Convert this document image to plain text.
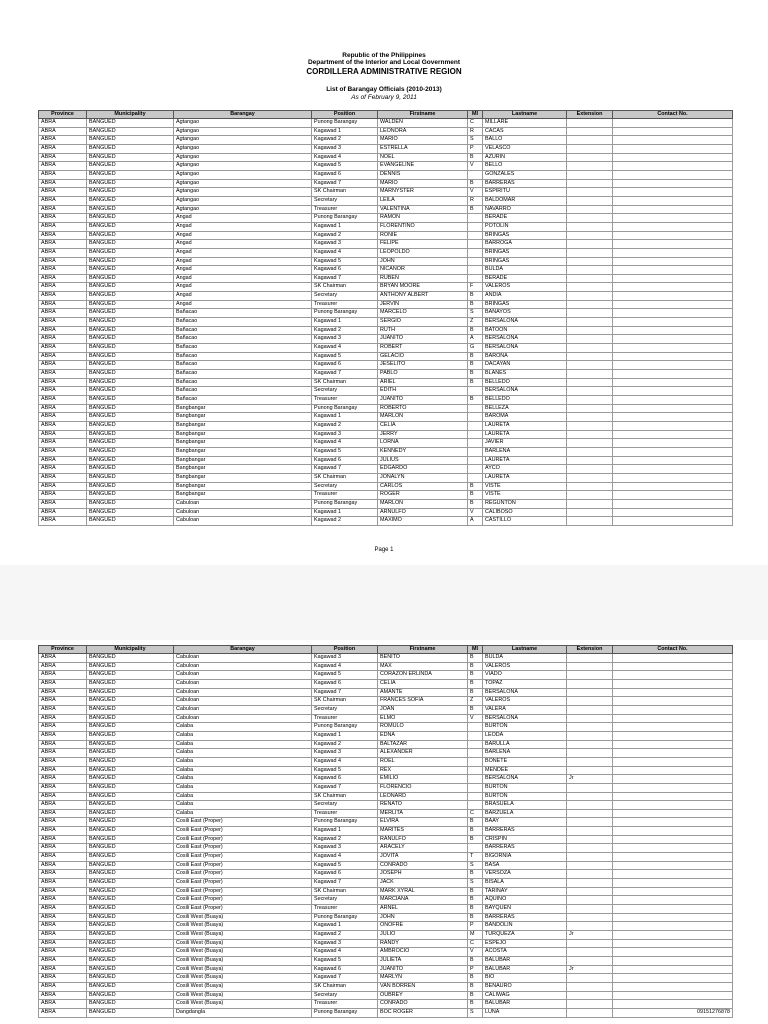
Republic of the Philippines
Department of the Interior and Local Government
CORDILLERA ADMINISTRATIVE REGION
List of Barangay Officials (2010-2013)
As of February 9, 2011
Page 1
Province	Municipality	Barangay	Position	Firstname	MI	Lastname	Extension	Contact No.
ABRA	BANGUED	Agtangao	Punong Barangay	WALDEN	C	MILLARE		
ABRA	BANGUED	Agtangao	Kagawad 1	LEONORA	R	CACAS		
ABRA	BANGUED	Agtangao	Kagawad 2	MARIO	S	BALLO		
ABRA	BANGUED	Agtangao	Kagawad 3	ESTRELLA	P	VELASCO		
ABRA	BANGUED	Agtangao	Kagawad 4	NOEL	B	AZURIN		
ABRA	BANGUED	Agtangao	Kagawad 5	EVANGELINE	V	BELLO		
ABRA	BANGUED	Agtangao	Kagawad 6	DENNIS		GONZALES		
ABRA	BANGUED	Agtangao	Kagawad 7	MARIO	B	BARRERAS		
ABRA	BANGUED	Agtangao	SK Chairman	MARNYSTER	V	ESPIRITU		
ABRA	BANGUED	Agtangao	Secretary	LEILA	R	BALDOMAR		
ABRA	BANGUED	Agtangao	Treasurer	VALENTINA	B	NAVARRO		
ABRA	BANGUED	Angad	Punong Barangay	RAMON		BERADE		
ABRA	BANGUED	Angad	Kagawad 1	FLORENTINO		POTOLIN		
ABRA	BANGUED	Angad	Kagawad 2	RONIE		BRINGAS		
ABRA	BANGUED	Angad	Kagawad 3	FELIPE		BARROGA		
ABRA	BANGUED	Angad	Kagawad 4	LEOPOLDO		BRINGAS		
ABRA	BANGUED	Angad	Kagawad 5	JOHN		BRINGAS		
ABRA	BANGUED	Angad	Kagawad 6	NICANOR		BULDA		
ABRA	BANGUED	Angad	Kagawad 7	RUBEN		BERADE		
ABRA	BANGUED	Angad	SK Chairman	BRYAN MOORE	F	VALEROS		
ABRA	BANGUED	Angad	Secretary	ANTHONY ALBERT	B	ANDIA		
ABRA	BANGUED	Angad	Treasurer	JERVIN	B	BRINGAS		
ABRA	BANGUED	Bañacao	Punong Barangay	MARCELO	S	BANAYOS		
ABRA	BANGUED	Bañacao	Kagawad 1	SERGIO	Z	BERSALONA		
ABRA	BANGUED	Bañacao	Kagawad 2	RUTH	B	BATOON		
ABRA	BANGUED	Bañacao	Kagawad 3	JUANITO	A	BERSALONA		
ABRA	BANGUED	Bañacao	Kagawad 4	ROBERT	G	BERSALONA		
ABRA	BANGUED	Bañacao	Kagawad 5	GELACIO	B	BARONA		
ABRA	BANGUED	Bañacao	Kagawad 6	JESELITO	B	DACAYAN		
ABRA	BANGUED	Bañacao	Kagawad 7	PABLO	B	BLANES		
ABRA	BANGUED	Bañacao	SK Chairman	ARIEL	B	BELLEDO		
ABRA	BANGUED	Bañacao	Secretary	EDITH		BERSALONA		
ABRA	BANGUED	Bañacao	Treasurer	JUANITO	B	BELLEDO		
ABRA	BANGUED	Bangbangar	Punong Barangay	ROBERTO		BELLEZA		
ABRA	BANGUED	Bangbangar	Kagawad 1	MARLON		BAROMA		
ABRA	BANGUED	Bangbangar	Kagawad 2	CELIA		LAURETA		
ABRA	BANGUED	Bangbangar	Kagawad 3	JERRY		LAURETA		
ABRA	BANGUED	Bangbangar	Kagawad 4	LORNA		JAVIER		
ABRA	BANGUED	Bangbangar	Kagawad 5	KENNEDY		BARLENA		
ABRA	BANGUED	Bangbangar	Kagawad 6	JULIUS		LAURETA		
ABRA	BANGUED	Bangbangar	Kagawad 7	EDGARDO		AYCO		
ABRA	BANGUED	Bangbangar	SK Chairman	JONALYN		LAURETA		
ABRA	BANGUED	Bangbangar	Secretary	CARLOS	B	VISTE		
ABRA	BANGUED	Bangbangar	Treasurer	ROGER	B	VISTE		
ABRA	BANGUED	Cabuloan	Punong Barangay	MARLON	B	REGUNTON		
ABRA	BANGUED	Cabuloan	Kagawad 1	ARNULFO	V	CALIBOSO		
ABRA	BANGUED	Cabuloan	Kagawad 2	MAXIMO	A	CASTILLO		
Province	Municipality	Barangay	Position	Firstname	MI	Lastname	Extension	Contact No.
ABRA	BANGUED	Cabuloan	Kagawad 3	BENITO	B	BULDA		
ABRA	BANGUED	Cabuloan	Kagawad 4	MAX	B	VALEROS		
ABRA	BANGUED	Cabuloan	Kagawad 5	CORAZON ERLINDA	B	VIADO		
ABRA	BANGUED	Cabuloan	Kagawad 6	CELIA	B	TOPAZ		
ABRA	BANGUED	Cabuloan	Kagawad 7	AMANTE	B	BERSALONA		
ABRA	BANGUED	Cabuloan	SK Chairman	FRANCES SOFIA	Z	VALEROS		
ABRA	BANGUED	Cabuloan	Secretary	JOAN	B	VALERA		
ABRA	BANGUED	Cabuloan	Treasurer	ELMO	V	BERSALONA		
ABRA	BANGUED	Calaba	Punong Barangay	ROMULO		BURTON		
ABRA	BANGUED	Calaba	Kagawad 1	EDNA		LEODA		
ABRA	BANGUED	Calaba	Kagawad 2	BALTAZAR		BARULLA		
ABRA	BANGUED	Calaba	Kagawad 3	ALEXANDER		BARLENA		
ABRA	BANGUED	Calaba	Kagawad 4	ROEL		BONETE		
ABRA	BANGUED	Calaba	Kagawad 5	REX		MENDEE		
ABRA	BANGUED	Calaba	Kagawad 6	EMILIO		BERSALONA	Jr	
ABRA	BANGUED	Calaba	Kagawad 7	FLORENCIO		BURTON		
ABRA	BANGUED	Calaba	SK Chairman	LEONARD		BURTON		
ABRA	BANGUED	Calaba	Secretary	RENATO		BRASUELA		
ABRA	BANGUED	Calaba	Treasurer	MERLITA	C	BARZUELA		
ABRA	BANGUED	Cosili East (Proper)	Punong Barangay	ELVIRA	B	BAAY		
ABRA	BANGUED	Cosili East (Proper)	Kagawad 1	MARITES	B	BARRERAS		
ABRA	BANGUED	Cosili East (Proper)	Kagawad 2	RANULFO	B	CRISPIN		
ABRA	BANGUED	Cosili East (Proper)	Kagawad 3	ARACELY		BARRERAS		
ABRA	BANGUED	Cosili East (Proper)	Kagawad 4	JOVITA	T	BIGORNIA		
ABRA	BANGUED	Cosili East (Proper)	Kagawad 5	CONRADO	S	BASA		
ABRA	BANGUED	Cosili East (Proper)	Kagawad 6	JOSEPH	B	VERSOZA		
ABRA	BANGUED	Cosili East (Proper)	Kagawad 7	JACK	S	BISALA		
ABRA	BANGUED	Cosili East (Proper)	SK Chairman	MARK XYRAL	B	TARINAY		
ABRA	BANGUED	Cosili East (Proper)	Secretary	MARCIANA	B	AQUINO		
ABRA	BANGUED	Cosili East (Proper)	Treasurer	ARNEL	B	BAYQUEN		
ABRA	BANGUED	Cosili West (Buaya)	Punong Barangay	JOHN	B	BARRERAS		
ABRA	BANGUED	Cosili West (Buaya)	Kagawad 1	ONOFRE	P	BANDOLIN		
ABRA	BANGUED	Cosili West (Buaya)	Kagawad 2	JULIO	M	TURQUEZA	Jr	
ABRA	BANGUED	Cosili West (Buaya)	Kagawad 3	RANDY	C	ESPEJO		
ABRA	BANGUED	Cosili West (Buaya)	Kagawad 4	AMBROCIO	V	ACOSTA		
ABRA	BANGUED	Cosili West (Buaya)	Kagawad 5	JULIETA	B	BALUBAR		
ABRA	BANGUED	Cosili West (Buaya)	Kagawad 6	JUANITO	P	BALUBAR	Jr	
ABRA	BANGUED	Cosili West (Buaya)	Kagawad 7	MARLYN	B	BIO		
ABRA	BANGUED	Cosili West (Buaya)	SK Chairman	VAN BORREN	B	BENAURO		
ABRA	BANGUED	Cosili West (Buaya)	Secretary	OUBREY	B	CALIWAG		
ABRA	BANGUED	Cosili West (Buaya)	Treasurer	CONRADO	B	BALUBAR		
ABRA	BANGUED	Dangdangla	Punong Barangay	BOC ROGER	S	LUNA		09151276878
